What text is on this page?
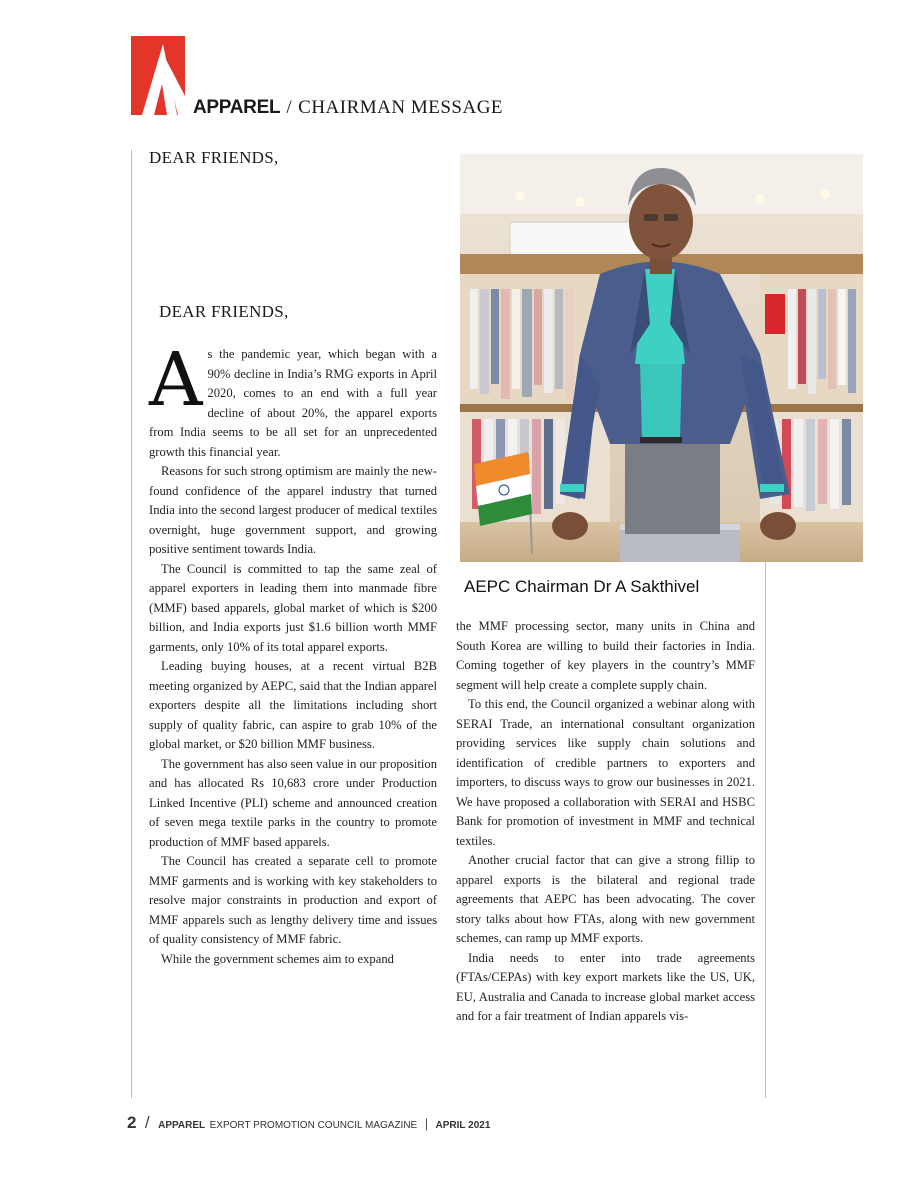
APPAREL / CHAIRMAN MESSAGE
DEAR FRIENDS,
DEAR FRIENDS,
AEPC Chairman Dr A Sakthivel

As the pandemic year, which began with a 90% decline in India’s RMG exports in April 2020, comes to an end with a full year decline of about 20%, the apparel exports from India seems to be all set for an unprecedented growth this financial year.

Reasons for such strong optimism are mainly the new-found confidence of the apparel industry that turned India into the second largest producer of medical textiles overnight, huge government support, and growing positive sentiment towards India.

The Council is committed to tap the same zeal of apparel exporters in leading them into manmade fibre (MMF) based apparels, global market of which is $200 billion, and India exports just $1.6 billion worth MMF garments, only 10% of its total apparel exports.

Leading buying houses, at a recent virtual B2B meeting organized by AEPC, said that the Indian apparel exporters despite all the limitations including short supply of quality fabric, can aspire to grab 10% of the global market, or $20 billion MMF business.

The government has also seen value in our proposition and has allocated Rs 10,683 crore under Production Linked Incentive (PLI) scheme and announced creation of seven mega textile parks in the country to promote production of MMF based apparels.

The Council has created a separate cell to promote MMF garments and is working with key stakeholders to resolve major constraints in production and export of MMF apparels such as lengthy delivery time and issues of quality consistency of MMF fabric.

While the government schemes aim to expand

the MMF processing sector, many units in China and South Korea are willing to build their factories in India. Coming together of key players in the country’s MMF segment will help create a complete supply chain.

To this end, the Council organized a webinar along with SERAI Trade, an international consultant organization providing services like supply chain solutions and identification of credible partners to exporters and importers, to discuss ways to grow our businesses in 2021. We have proposed a collaboration with SERAI and HSBC Bank for promotion of investment in MMF and technical textiles.

Another crucial factor that can give a strong fillip to apparel exports is the bilateral and regional trade agreements that AEPC has been advocating. The cover story talks about how FTAs, along with new government schemes, can ramp up MMF exports.

India needs to enter into trade agreements (FTAs/CEPAs) with key export markets like the US, UK, EU, Australia and Canada to increase global market access and for a fair treatment of Indian apparels vis-

2 / APPAREL EXPORT PROMOTION COUNCIL MAGAZINE | APRIL 2021
